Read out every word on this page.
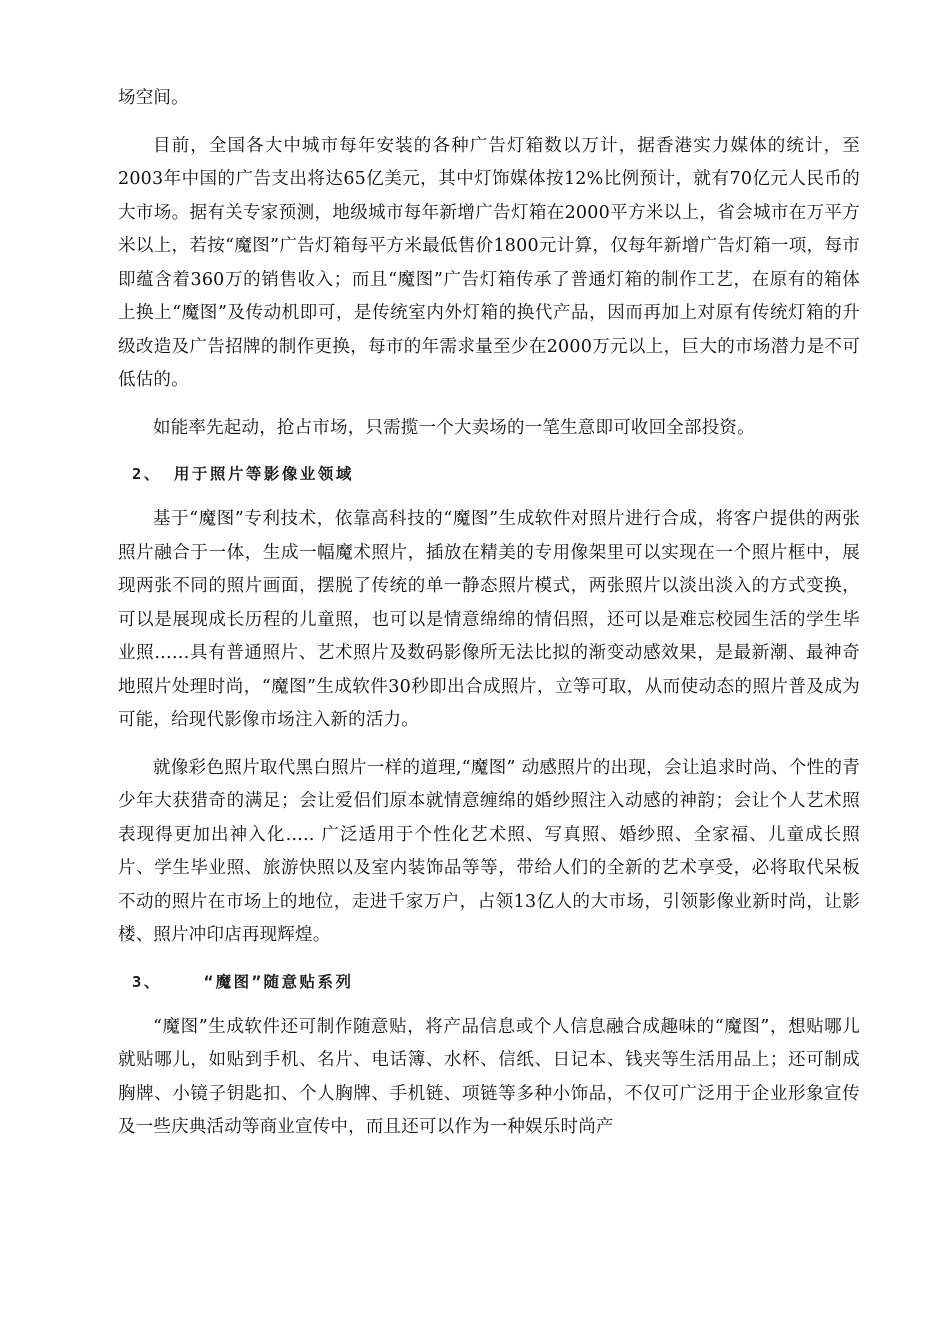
场空间。

目前，全国各大中城市每年安装的各种广告灯箱数以万计，据香港实力媒体的统计，至2003年中国的广告支出将达65亿美元，其中灯饰媒体按12%比例预计，就有70亿元人民币的大市场。据有关专家预测，地级城市每年新增广告灯箱在2000平方米以上，省会城市在万平方米以上，若按“魔图”广告灯箱每平方米最低售价1800元计算，仅每年新增广告灯箱一项，每市即蕴含着360万的销售收入；而且“魔图”广告灯箱传承了普通灯箱的制作工艺，在原有的箱体上换上“魔图”及传动机即可，是传统室内外灯箱的换代产品，因而再加上对原有传统灯箱的升级改造及广告招牌的制作更换，每市的年需求量至少在2000万元以上，巨大的市场潜力是不可低估的。

如能率先起动，抢占市场，只需揽一个大卖场的一笔生意即可收回全部投资。

2、 用于照片等影像业领域

基于“魔图”专利技术，依靠高科技的“魔图”生成软件对照片进行合成，将客户提供的两张照片融合于一体，生成一幅魔术照片，插放在精美的专用像架里可以实现在一个照片框中，展现两张不同的照片画面，摆脱了传统的单一静态照片模式，两张照片以淡出淡入的方式变换，可以是展现成长历程的儿童照，也可以是情意绵绵的情侣照，还可以是难忘校园生活的学生毕业照……具有普通照片、艺术照片及数码影像所无法比拟的渐变动感效果，是最新潮、最神奇地照片处理时尚，“魔图”生成软件30秒即出合成照片，立等可取，从而使动态的照片普及成为可能，给现代影像市场注入新的活力。

就像彩色照片取代黑白照片一样的道理,“魔图” 动感照片的出现，会让追求时尚、个性的青少年大获猎奇的满足；会让爱侣们原本就情意缠绵的婚纱照注入动感的神韵；会让个人艺术照表现得更加出神入化….. 广泛适用于个性化艺术照、写真照、婚纱照、全家福、儿童成长照片、学生毕业照、旅游快照以及室内装饰品等等，带给人们的全新的艺术享受，必将取代呆板不动的照片在市场上的地位，走进千家万户，占领13亿人的大市场，引领影像业新时尚，让影楼、照片冲印店再现辉煌。

3、	“魔图”随意贴系列

“魔图”生成软件还可制作随意贴，将产品信息或个人信息融合成趣味的“魔图”，想贴哪儿就贴哪儿，如贴到手机、名片、电话簿、水杯、信纸、日记本、钱夹等生活用品上；还可制成胸牌、小镜子钥匙扣、个人胸牌、手机链、项链等多种小饰品，不仅可广泛用于企业形象宣传及一些庆典活动等商业宣传中，而且还可以作为一种娱乐时尚产
